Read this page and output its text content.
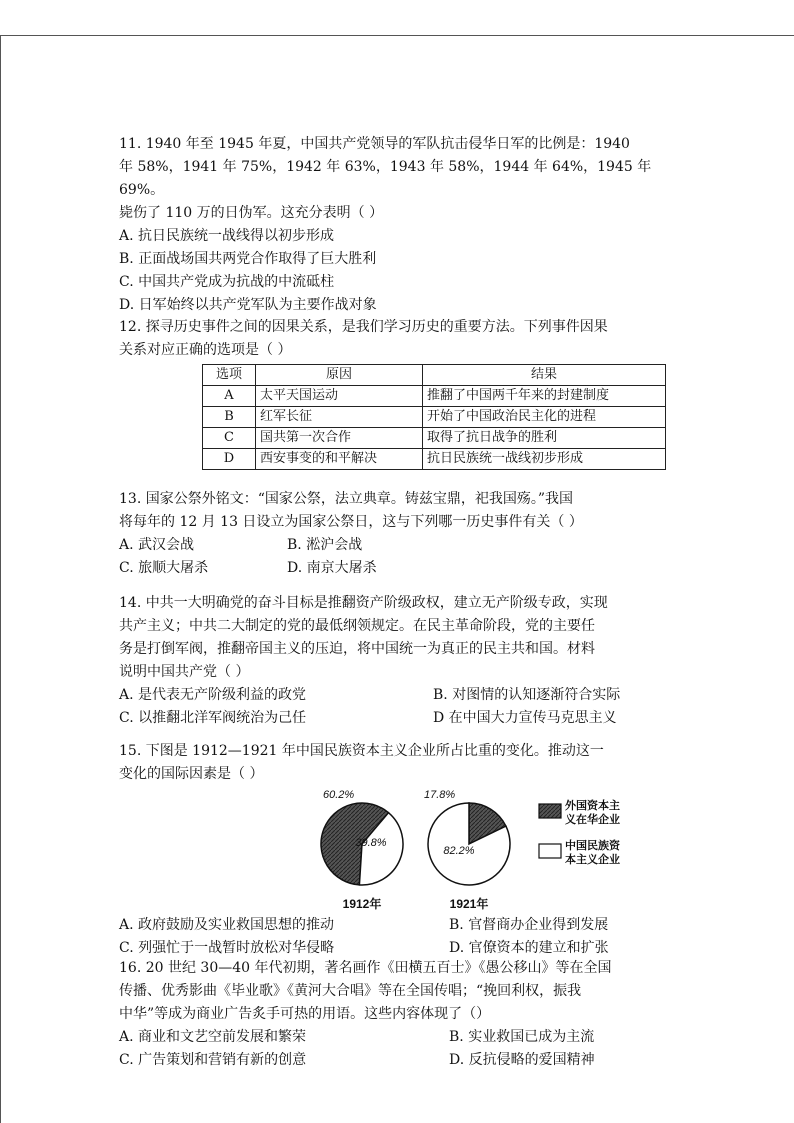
11. 1940 年至 1945 年夏，中国共产党领导的军队抗击侵华日军的比例是：1940
年 58%，1941 年 75%，1942 年 63%，1943 年 58%，1944 年 64%，1945 年 69%。
毙伤了 110 万的日伪军。这充分表明（ ）
A. 抗日民族统一战线得以初步形成
B. 正面战场国共两党合作取得了巨大胜利
C. 中国共产党成为抗战的中流砥柱
D. 日军始终以共产党军队为主要作战对象
12. 探寻历史事件之间的因果关系，是我们学习历史的重要方法。下列事件因果
关系对应正确的选项是（ ）
选项	原因	结果
A	太平天国运动	推翻了中国两千年来的封建制度
B	红军长征	开始了中国政治民主化的进程
C	国共第一次合作	取得了抗日战争的胜利
D	西安事变的和平解决	抗日民族统一战线初步形成
13. 国家公祭外铭文：“国家公祭，法立典章。铸兹宝鼎，祀我国殇。”我国
将每年的 12 月 13 日设立为国家公祭日，这与下列哪一历史事件有关（ ）
A. 武汉会战	B. 淞沪会战
C. 旅顺大屠杀	D. 南京大屠杀
14. 中共一大明确党的奋斗目标是推翻资产阶级政权，建立无产阶级专政，实现
共产主义；中共二大制定的党的最低纲领规定。在民主革命阶段，党的主要任
务是打倒军阀，推翻帝国主义的压迫，将中国统一为真正的民主共和国。材料
说明中国共产党（ ）
A. 是代表无产阶级利益的政党	B. 对图情的认知逐渐符合实际
C. 以推翻北洋军阀统治为己任	D 在中国大力宣传马克思主义
15. 下图是 1912—1921 年中国民族资本主义企业所占比重的变化。推动这一
变化的国际因素是（ ）
60.2%
39.8%
1912年
17.8%
82.2%
1921年
外国资本主
义在华企业
中国民族资
本主义企业
A. 政府鼓励及实业救国思想的推动	B. 官督商办企业得到发展
C. 列强忙于一战暂时放松对华侵略	D. 官僚资本的建立和扩张
16. 20 世纪 30—40 年代初期，著名画作《田横五百士》《愚公移山》等在全国
传播、优秀影曲《毕业歌》《黄河大合唱》等在全国传唱；“挽回利权，振我
中华”等成为商业广告炙手可热的用语。这些内容体现了（）
A. 商业和文艺空前发展和繁荣	B. 实业救国已成为主流
C. 广告策划和营销有新的创意	D. 反抗侵略的爱国精神
